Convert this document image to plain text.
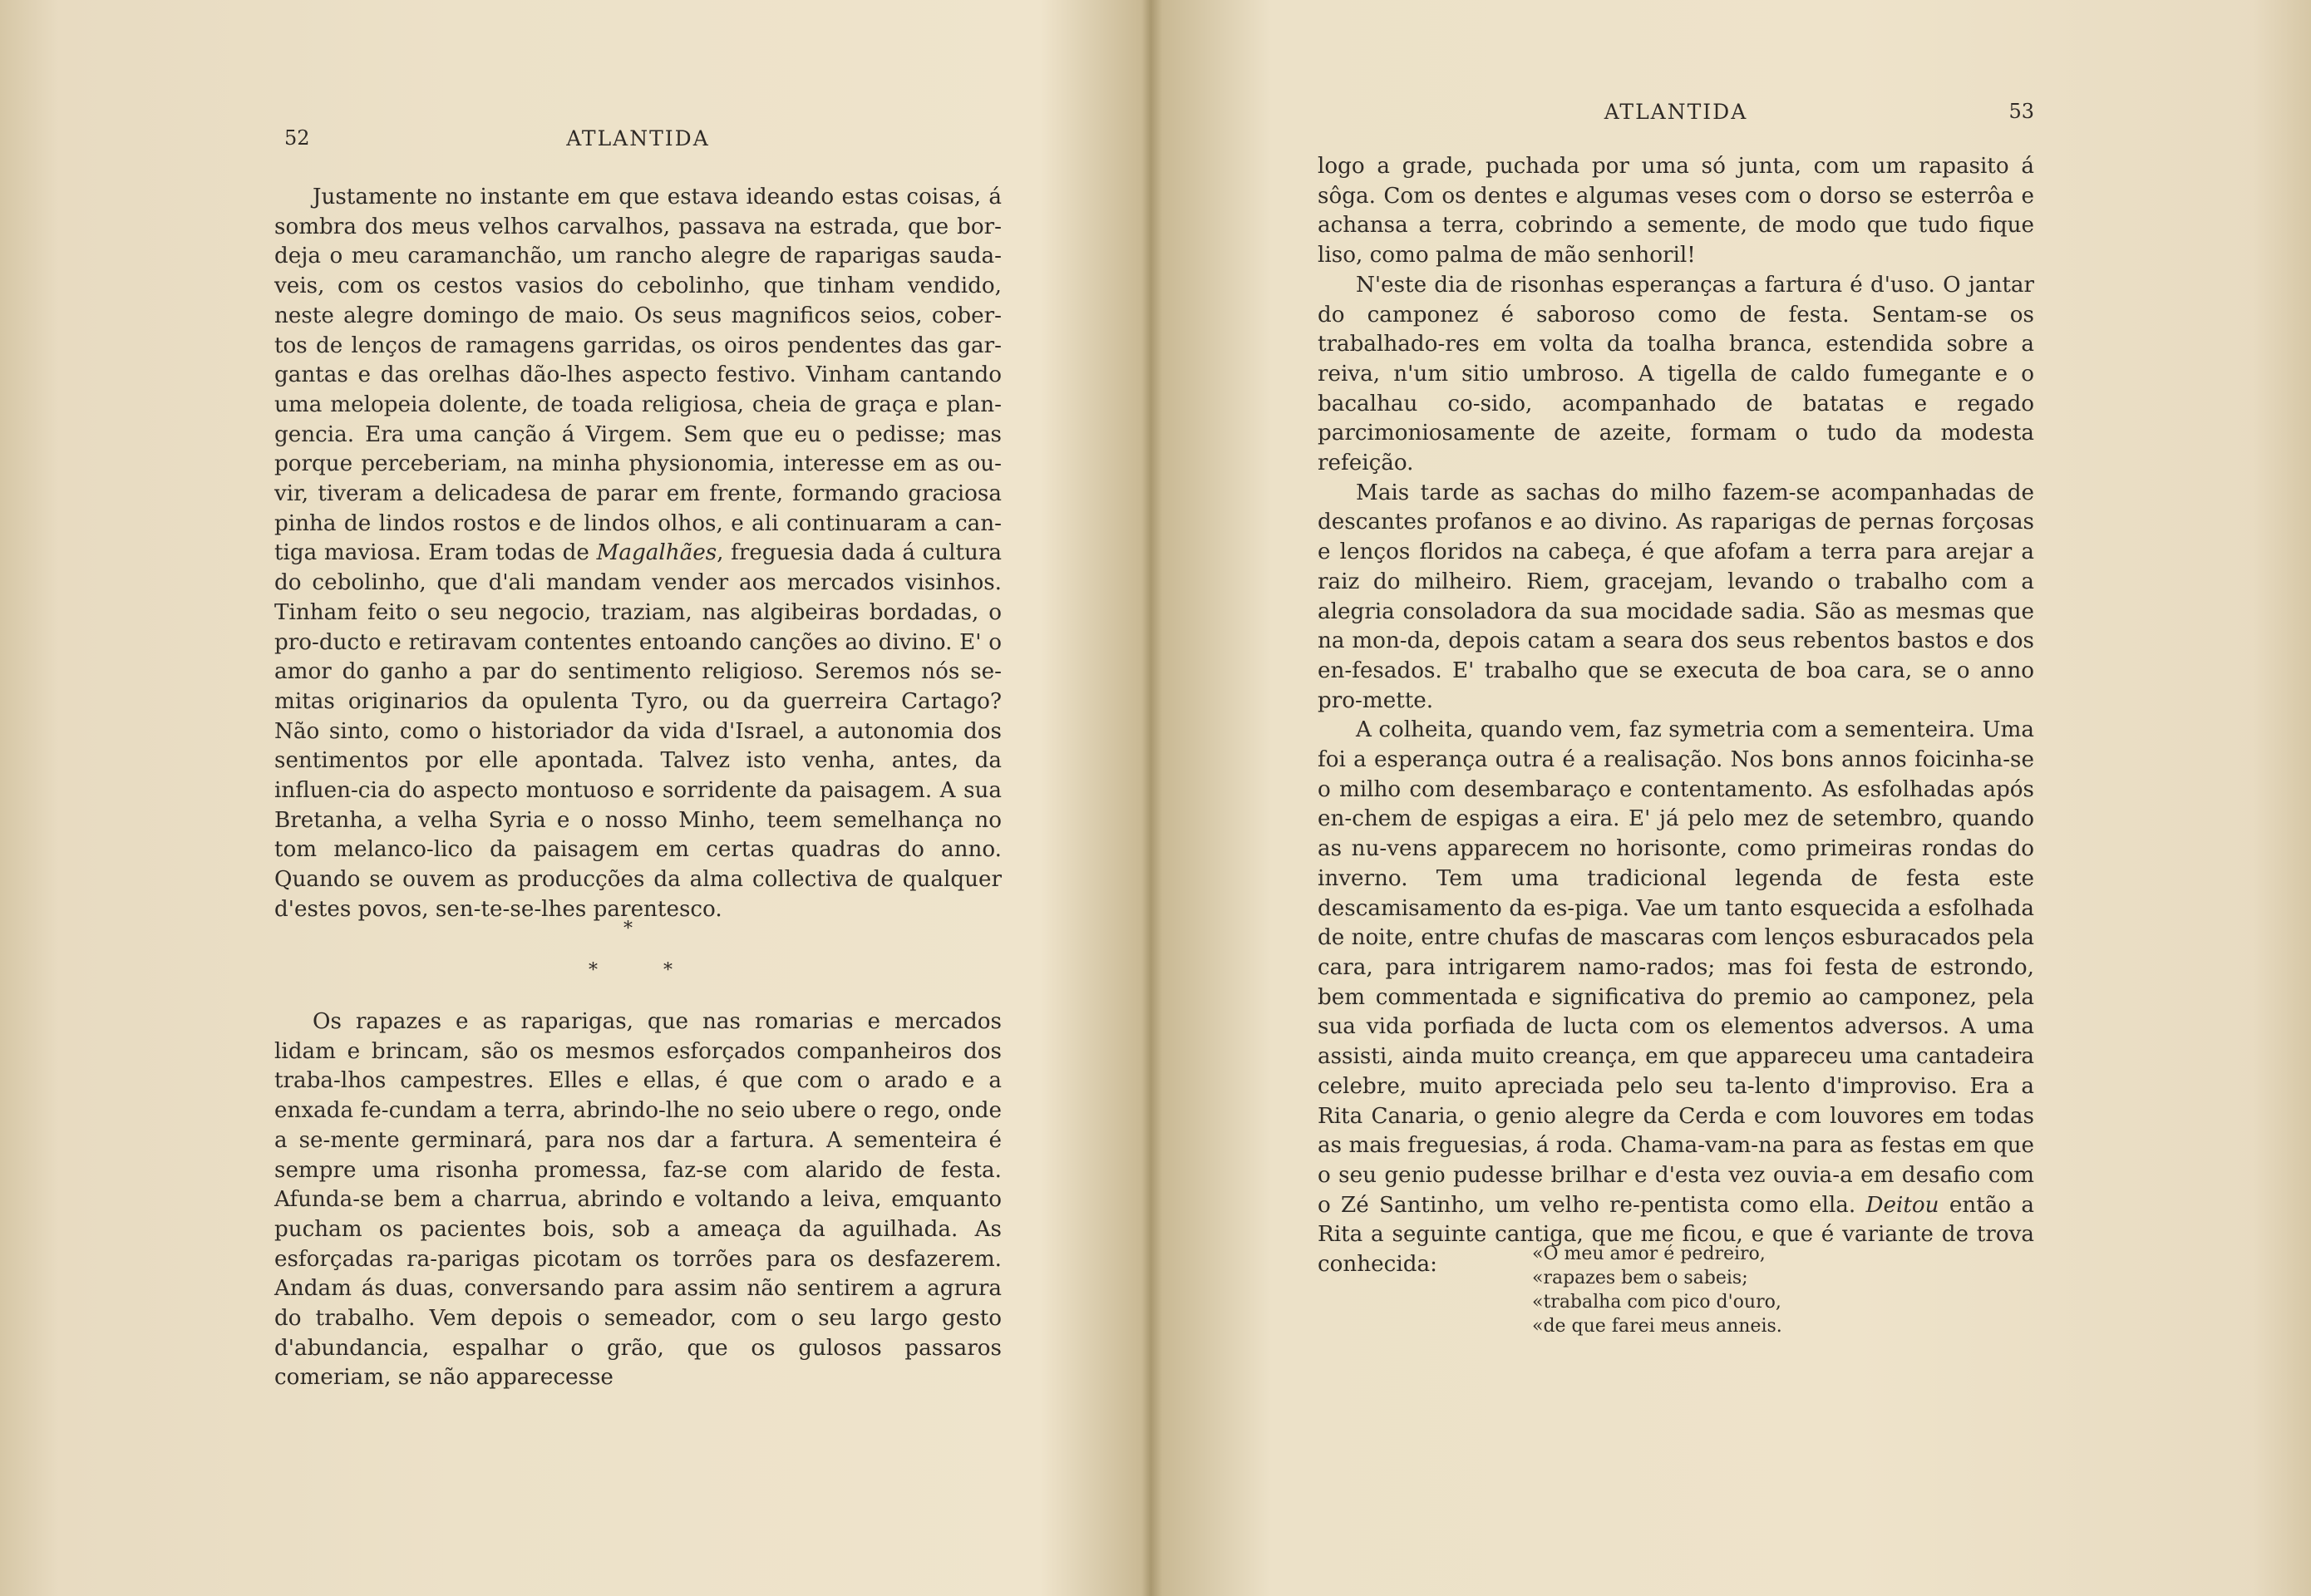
52	ATLANTIDA

Justamente no instante em que estava ideando estas coisas, á sombra dos meus velhos carvalhos, passava na estrada, que bor-deja o meu caramanchão, um rancho alegre de raparigas sauda-veis, com os cestos vasios do cebolinho, que tinham vendido, neste alegre domingo de maio. Os seus magnificos seios, cober-tos de lenços de ramagens garridas, os oiros pendentes das gar-gantas e das orelhas dão-lhes aspecto festivo. Vinham cantando uma melopeia dolente, de toada religiosa, cheia de graça e plan-gencia. Era uma canção á Virgem. Sem que eu o pedisse; mas porque perceberiam, na minha physionomia, interesse em as ou-vir, tiveram a delicadesa de parar em frente, formando graciosa pinha de lindos rostos e de lindos olhos, e ali continuaram a can-tiga maviosa. Eram todas de Magalhães, freguesia dada á cultura do cebolinho, que d'ali mandam vender aos mercados visinhos. Tinham feito o seu negocio, traziam, nas algibeiras bordadas, o pro-ducto e retiravam contentes entoando canções ao divino. E' o amor do ganho a par do sentimento religioso. Seremos nós se-mitas originarios da opulenta Tyro, ou da guerreira Cartago? Não sinto, como o historiador da vida d'Israel, a autonomia dos sentimentos por elle apontada. Talvez isto venha, antes, da influen-cia do aspecto montuoso e sorridente da paisagem. A sua Bretanha, a velha Syria e o nosso Minho, teem semelhança no tom melanco-lico da paisagem em certas quadras do anno. Quando se ouvem as producções da alma collectiva de qualquer d'estes povos, sen-te-se-lhes parentesco.

*
*	*

Os rapazes e as raparigas, que nas romarias e mercados lidam e brincam, são os mesmos esforçados companheiros dos traba-lhos campestres. Elles e ellas, é que com o arado e a enxada fe-cundam a terra, abrindo-lhe no seio ubere o rego, onde a se-mente germinará, para nos dar a fartura. A sementeira é sempre uma risonha promessa, faz-se com alarido de festa. Afunda-se bem a charrua, abrindo e voltando a leiva, emquanto pucham os pacientes bois, sob a ameaça da aguilhada. As esforçadas ra-parigas picotam os torrões para os desfazerem. Andam ás duas, conversando para assim não sentirem a agrura do trabalho. Vem depois o semeador, com o seu largo gesto d'abundancia, espalhar o grão, que os gulosos passaros comeriam, se não apparecesse

ATLANTIDA	53

logo a grade, puchada por uma só junta, com um rapasito á sôga. Com os dentes e algumas veses com o dorso se esterrôa e achansa a terra, cobrindo a semente, de modo que tudo fique liso, como palma de mão senhoril!

N'este dia de risonhas esperanças a fartura é d'uso. O jantar do camponez é saboroso como de festa. Sentam-se os trabalhado-res em volta da toalha branca, estendida sobre a reiva, n'um sitio umbroso. A tigella de caldo fumegante e o bacalhau co-sido, acompanhado de batatas e regado parcimoniosamente de azeite, formam o tudo da modesta refeição.

Mais tarde as sachas do milho fazem-se acompanhadas de descantes profanos e ao divino. As raparigas de pernas forçosas e lenços floridos na cabeça, é que afofam a terra para arejar a raiz do milheiro. Riem, gracejam, levando o trabalho com a alegria consoladora da sua mocidade sadia. São as mesmas que na mon-da, depois catam a seara dos seus rebentos bastos e dos en-fesados. E' trabalho que se executa de boa cara, se o anno pro-mette.

A colheita, quando vem, faz symetria com a sementeira. Uma foi a esperança outra é a realisação. Nos bons annos foicinha-se o milho com desembaraço e contentamento. As esfolhadas após en-chem de espigas a eira. E' já pelo mez de setembro, quando as nu-vens apparecem no horisonte, como primeiras rondas do inverno. Tem uma tradicional legenda de festa este descamisamento da es-piga. Vae um tanto esquecida a esfolhada de noite, entre chufas de mascaras com lenços esburacados pela cara, para intrigarem namo-rados; mas foi festa de estrondo, bem commentada e significativa do premio ao camponez, pela sua vida porfiada de lucta com os elementos adversos. A uma assisti, ainda muito creança, em que appareceu uma cantadeira celebre, muito apreciada pelo seu ta-lento d'improviso. Era a Rita Canaria, o genio alegre da Cerda e com louvores em todas as mais freguesias, á roda. Chama-vam-na para as festas em que o seu genio pudesse brilhar e d'esta vez ouvia-a em desafio com o Zé Santinho, um velho re-pentista como ella. Deitou então a Rita a seguinte cantiga, que me ficou, e que é variante de trova conhecida:	«O meu amor é pedreiro,
«rapazes bem o sabeis;
«trabalha com pico d'ouro,
«de que farei meus anneis.
